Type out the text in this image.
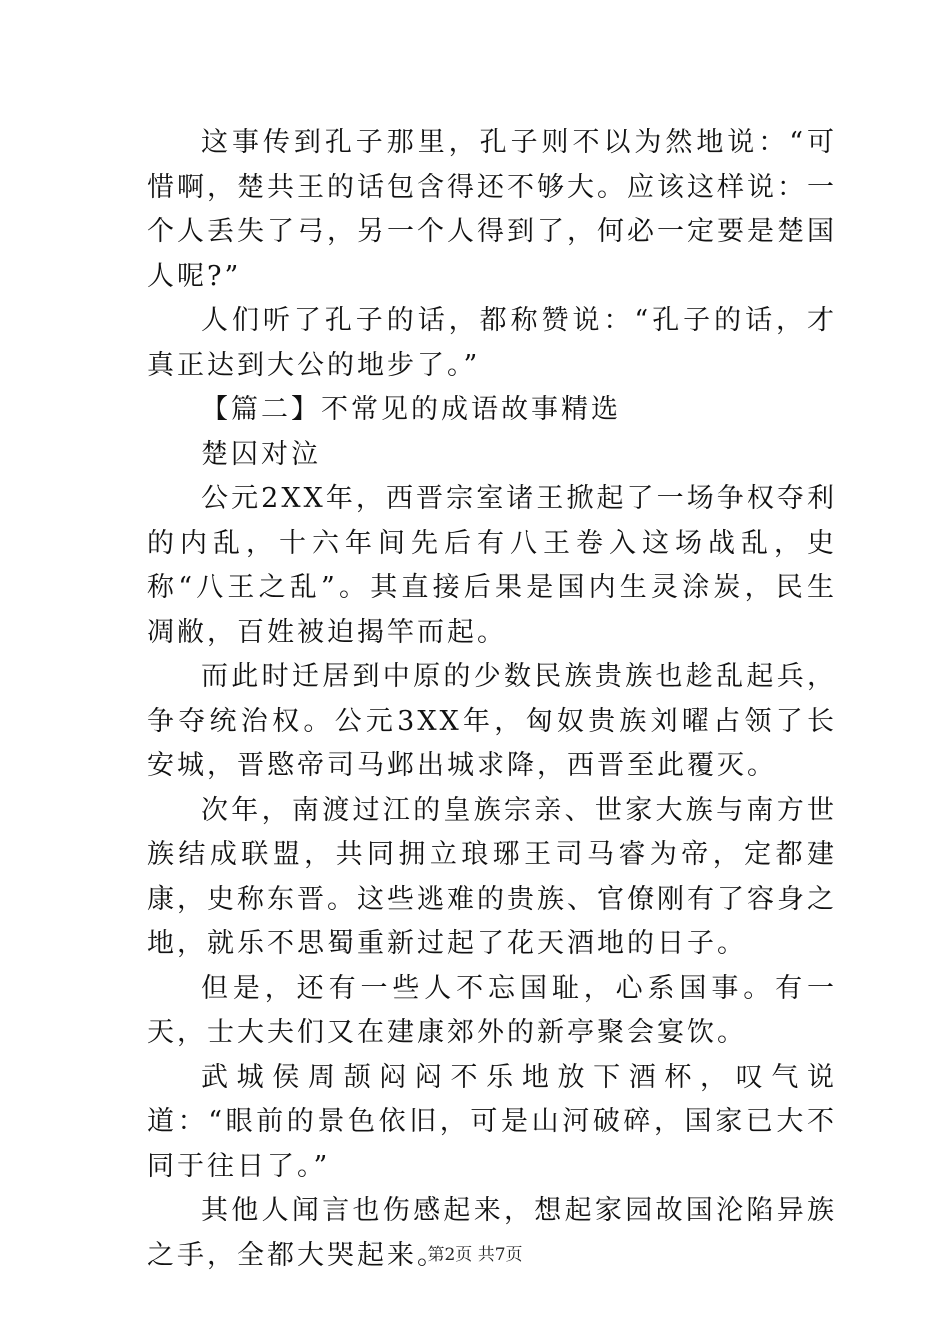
这事传到孔子那里，孔子则不以为然地说：“可惜啊，楚共王的话包含得还不够大。应该这样说：一个人丢失了弓，另一个人得到了，何必一定要是楚国人呢?”

人们听了孔子的话，都称赞说：“孔子的话，才真正达到大公的地步了。”

【篇二】不常见的成语故事精选

楚囚对泣

公元2XX年，西晋宗室诸王掀起了一场争权夺利的内乱，十六年间先后有八王卷入这场战乱，史称“八王之乱”。其直接后果是国内生灵涂炭，民生凋敝，百姓被迫揭竿而起。

而此时迁居到中原的少数民族贵族也趁乱起兵，争夺统治权。公元3XX年，匈奴贵族刘曜占领了长安城，晋愍帝司马邺出城求降，西晋至此覆灭。

次年，南渡过江的皇族宗亲、世家大族与南方世族结成联盟，共同拥立琅琊王司马睿为帝，定都建康，史称东晋。这些逃难的贵族、官僚刚有了容身之地，就乐不思蜀重新过起了花天酒地的日子。

但是，还有一些人不忘国耻，心系国事。有一天，士大夫们又在建康郊外的新亭聚会宴饮。

武城侯周颉闷闷不乐地放下酒杯，叹气说道：“眼前的景色依旧，可是山河破碎，国家已大不同于往日了。”

其他人闻言也伤感起来，想起家园故国沦陷异族之手，全都大哭起来。

第2页 共7页
